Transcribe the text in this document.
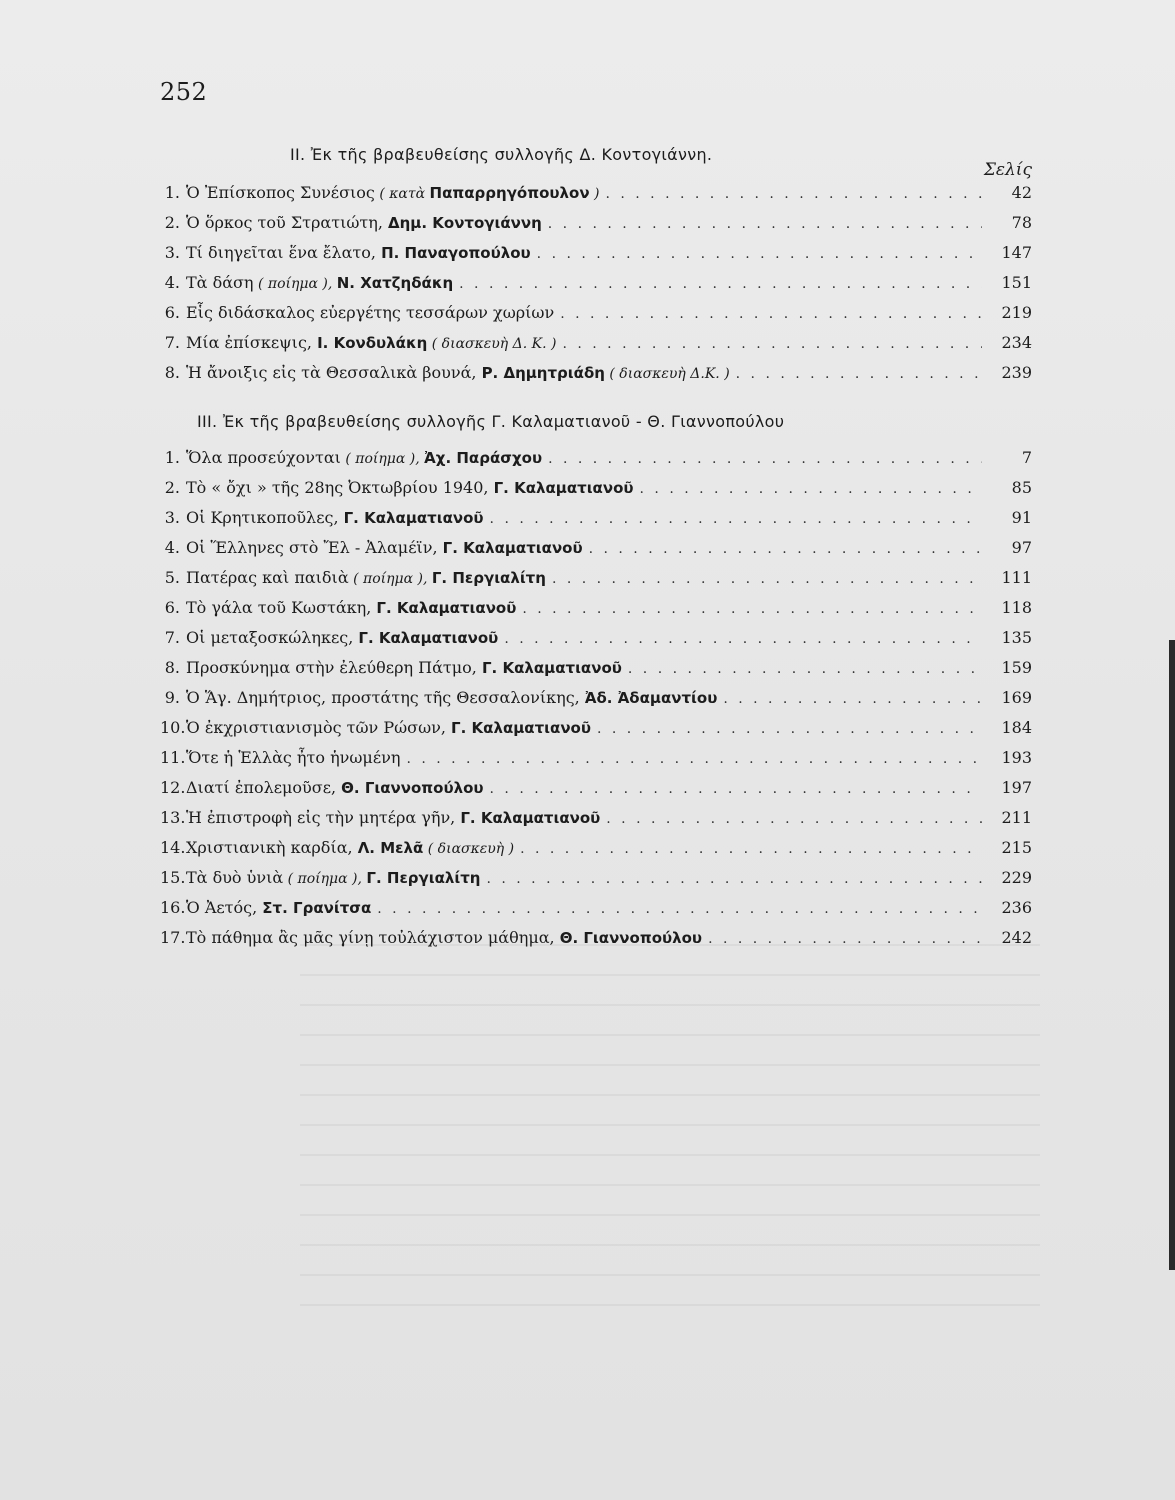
252
II. Ἐκ τῆς βραβευθείσης συλλογῆς Δ. Κοντογιάννη.
Σελίς
1. Ὁ Ἐπίσκοπος Συνέσιος ( κατὰ Παπαρρηγόπουλον ) . . .	42
2. Ὁ ὅρκος τοῦ Στρατιώτη, Δημ. Κοντογιάννη . . .	78
3. Τί διηγεῖται ἕνα ἔλατο, Π. Παναγοπούλου . . .	147
4. Τὰ δάση ( ποίημα ), Ν. Χατζηδάκη . . .	151
6. Εἷς διδάσκαλος εὐεργέτης τεσσάρων χωρίων . . .	219
7. Μία ἐπίσκεψις, Ι. Κονδυλάκη ( διασκευὴ Δ. Κ. ) . . .	234
8. Ἡ ἄνοιξις εἰς τὰ Θεσσαλικὰ βουνά, Ρ. Δημητριάδη ( διασκευὴ Δ.Κ. ) . . .	239
III. Ἐκ τῆς βραβευθείσης συλλογῆς Γ. Καλαματιανοῦ - Θ. Γιαννοπούλου
1. Ὅλα προσεύχονται ( ποίημα ), Ἀχ. Παράσχου . . .	7
2. Τὸ « ὄχι » τῆς 28ης Ὀκτωβρίου 1940, Γ. Καλαματιανοῦ . . .	85
3. Οἱ Κρητικοποῦλες, Γ. Καλαματιανοῦ . . .	91
4. Οἱ Ἕλληνες στὸ Ἔλ - Ἀλαμέϊν, Γ. Καλαματιανοῦ . . .	97
5. Πατέρας καὶ παιδιὰ ( ποίημα ), Γ. Περγιαλίτη . . .	111
6. Τὸ γάλα τοῦ Κωστάκη, Γ. Καλαματιανοῦ . . .	118
7. Οἱ μεταξοσκώληκες, Γ. Καλαματιανοῦ . . .	135
8. Προσκύνημα στὴν ἐλεύθερη Πάτμο, Γ. Καλαματιανοῦ . . .	159
9. Ὁ Ἅγ. Δημήτριος, προστάτης τῆς Θεσσαλονίκης, Ἀδ. Ἀδαμαντίου . . .	169
10. Ὁ ἐκχριστιανισμὸς τῶν Ρώσων, Γ. Καλαματιανοῦ . . .	184
11. Ὅτε ἡ Ἑλλὰς ἦτο ἡνωμένη . . .	193
12. Διατί ἐπολεμοῦσε, Θ. Γιαννοπούλου . . .	197
13. Ἡ ἐπιστροφὴ εἰς τὴν μητέρα γῆν, Γ. Καλαματιανοῦ . . .	211
14. Χριστιανικὴ καρδία, Λ. Μελᾶ ( διασκευὴ ) . . .	215
15. Τὰ δυὸ ὑνιὰ ( ποίημα ), Γ. Περγιαλίτη . . .	229
16. Ὁ Ἀετός, Στ. Γρανίτσα . . .	236
17. Τὸ πάθημα ἂς μᾶς γίνῃ τοὐλάχιστον μάθημα, Θ. Γιαννοπούλου . . .	242
